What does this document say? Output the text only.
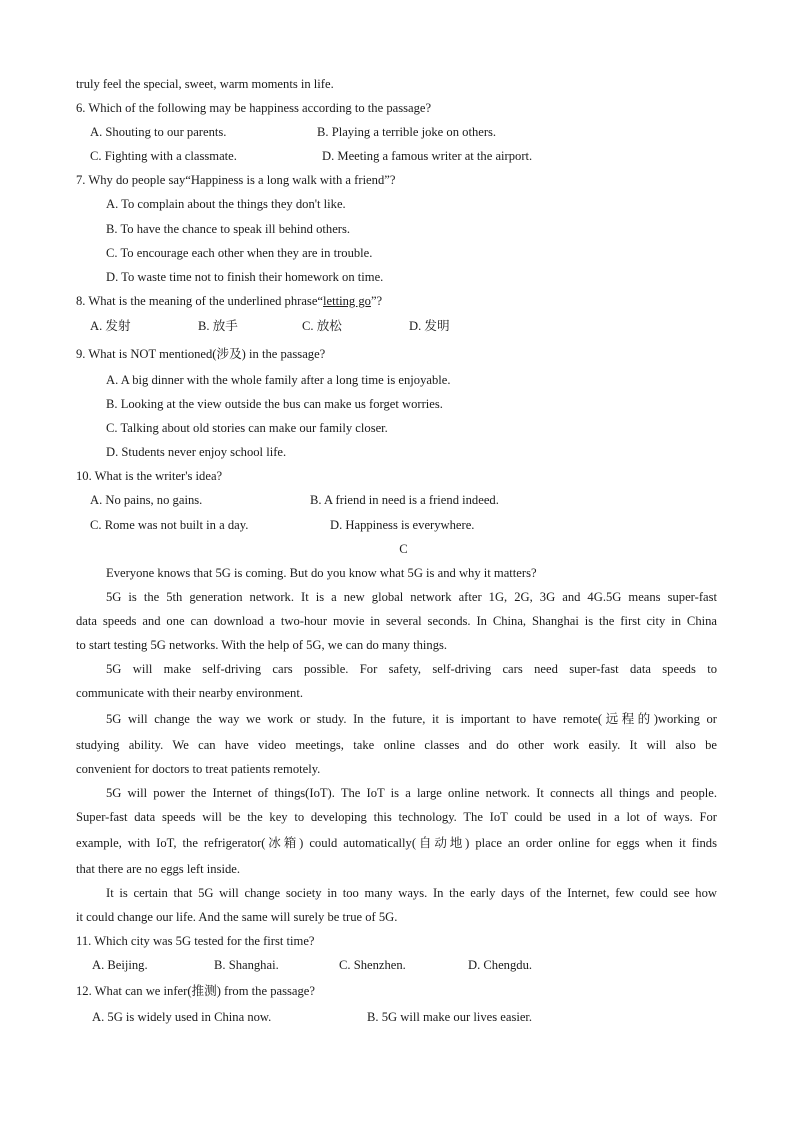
truly feel the special, sweet, warm moments in life.
6. Which of the following may be happiness according to the passage?
A. Shouting to our parents.	B. Playing a terrible joke on others.
C. Fighting with a classmate.	D. Meeting a famous writer at the airport.
7. Why do people say“Happiness is a long walk with a friend”?
A. To complain about the things they don't like.
B. To have the chance to speak ill behind others.
C. To encourage each other when they are in trouble.
D. To waste time not to finish their homework on time.
8. What is the meaning of the underlined phrase“letting go”?
A. 发射	B. 放手	C. 放松	D. 发明
9. What is NOT mentioned(涉及) in the passage?
A. A big dinner with the whole family after a long time is enjoyable.
B. Looking at the view outside the bus can make us forget worries.
C. Talking about old stories can make our family closer.
D. Students never enjoy school life.
10. What is the writer's idea?
A. No pains, no gains.	B. A friend in need is a friend indeed.
C. Rome was not built in a day.	D. Happiness is everywhere.
C
Everyone knows that 5G is coming. But do you know what 5G is and why it matters?
5G is the 5th generation network. It is a new global network after 1G, 2G, 3G and 4G.5G means super-fast
data speeds and one can download a two-hour movie in several seconds. In China, Shanghai is the first city in China
to start testing 5G networks. With the help of 5G, we can do many things.
5G will make self-driving cars possible. For safety, self-driving cars need super-fast data speeds to
communicate with their nearby environment.
5G will change the way we work or study. In the future, it is important to have remote(远程的)working or
studying ability. We can have video meetings, take online classes and do other work easily. It will also be
convenient for doctors to treat patients remotely.
5G will power the Internet of things(IoT). The IoT is a large online network. It connects all things and people.
Super-fast data speeds will be the key to developing this technology. The IoT could be used in a lot of ways. For
example, with IoT, the refrigerator(冰箱) could automatically(自动地) place an order online for eggs when it finds
that there are no eggs left inside.
It is certain that 5G will change society in too many ways. In the early days of the Internet, few could see how
it could change our life. And the same will surely be true of 5G.
11. Which city was 5G tested for the first time?
A. Beijing.	B. Shanghai.	C. Shenzhen.	D. Chengdu.
12. What can we infer(推测) from the passage?
A. 5G is widely used in China now.	B. 5G will make our lives easier.
